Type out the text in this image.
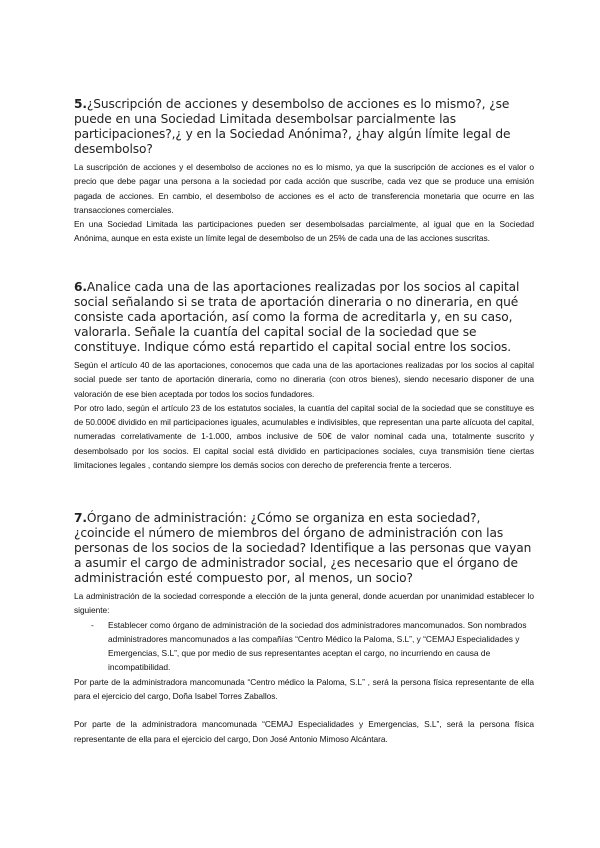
5.¿Suscripción de acciones y desembolso de acciones es lo mismo?, ¿se puede en una Sociedad Limitada desembolsar parcialmente las participaciones?,¿ y en la Sociedad Anónima?, ¿hay algún límite legal de desembolso?

La suscripción de acciones y el desembolso de acciones no es lo mismo, ya que la suscripción de acciones es el valor o precio que debe pagar una persona a la sociedad por cada acción que suscribe, cada vez que se produce una emisión pagada de acciones. En cambio, el desembolso de acciones es el acto de transferencia monetaria que ocurre en las transacciones comerciales.

En una Sociedad Limitada las participaciones pueden ser desembolsadas parcialmente, al igual que en la Sociedad Anónima, aunque en esta existe un límite legal de desembolso de un 25% de cada una de las acciones suscritas.

6.Analice cada una de las aportaciones realizadas por los socios al capital social señalando si se trata de aportación dineraria o no dineraria, en qué consiste cada aportación, así como la forma de acreditarla y, en su caso, valorarla. Señale la cuantía del capital social de la sociedad que se constituye. Indique cómo está repartido el capital social entre los socios.

Según el artículo 40 de las aportaciones, conocemos que cada una de las aportaciones realizadas por los socios al capital social puede ser tanto de aportación dineraria, como no dineraria (con otros bienes), siendo necesario disponer de una valoración de ese bien aceptada por todos los socios fundadores.

Por otro lado, según el artículo 23 de los estatutos sociales, la cuantía del capital social de la sociedad que se constituye es de 50.000€ dividido en mil participaciones iguales, acumulables e indivisibles, que representan una parte alícuota del capital, numeradas correlativamente de 1-1.000, ambos inclusive de 50€ de valor nominal cada una, totalmente suscrito y desembolsado por los socios. El capital social está dividido en participaciones sociales, cuya transmisión tiene ciertas limitaciones legales , contando siempre los demás socios con derecho de preferencia frente a terceros.

7.Órgano de administración: ¿Cómo se organiza en esta sociedad?, ¿coincide el número de miembros del órgano de administración con las personas de los socios de la sociedad? Identifique a las personas que vayan a asumir el cargo de administrador social, ¿es necesario que el órgano de administración esté compuesto por, al menos, un socio?

La administración de la sociedad corresponde a elección de la junta general, donde acuerdan por unanimidad establecer lo siguiente:

- Establecer como órgano de administración de la sociedad dos administradores mancomunados. Son nombrados administradores mancomunados a las compañías “Centro Médico la Paloma, S.L”, y “CEMAJ Especialidades y Emergencias, S.L”, que por medio de sus representantes aceptan el cargo, no incurriendo en causa de incompatibilidad.

Por parte de la administradora mancomunada “Centro médico la Paloma, S.L” , será la persona física representante de ella para el ejercicio del cargo, Doña Isabel Torres Zaballos.

Por parte de la administradora mancomunada “CEMAJ Especialidades y Emergencias, S.L”, será la persona física representante de ella para el ejercicio del cargo, Don José Antonio Mimoso Alcántara.
